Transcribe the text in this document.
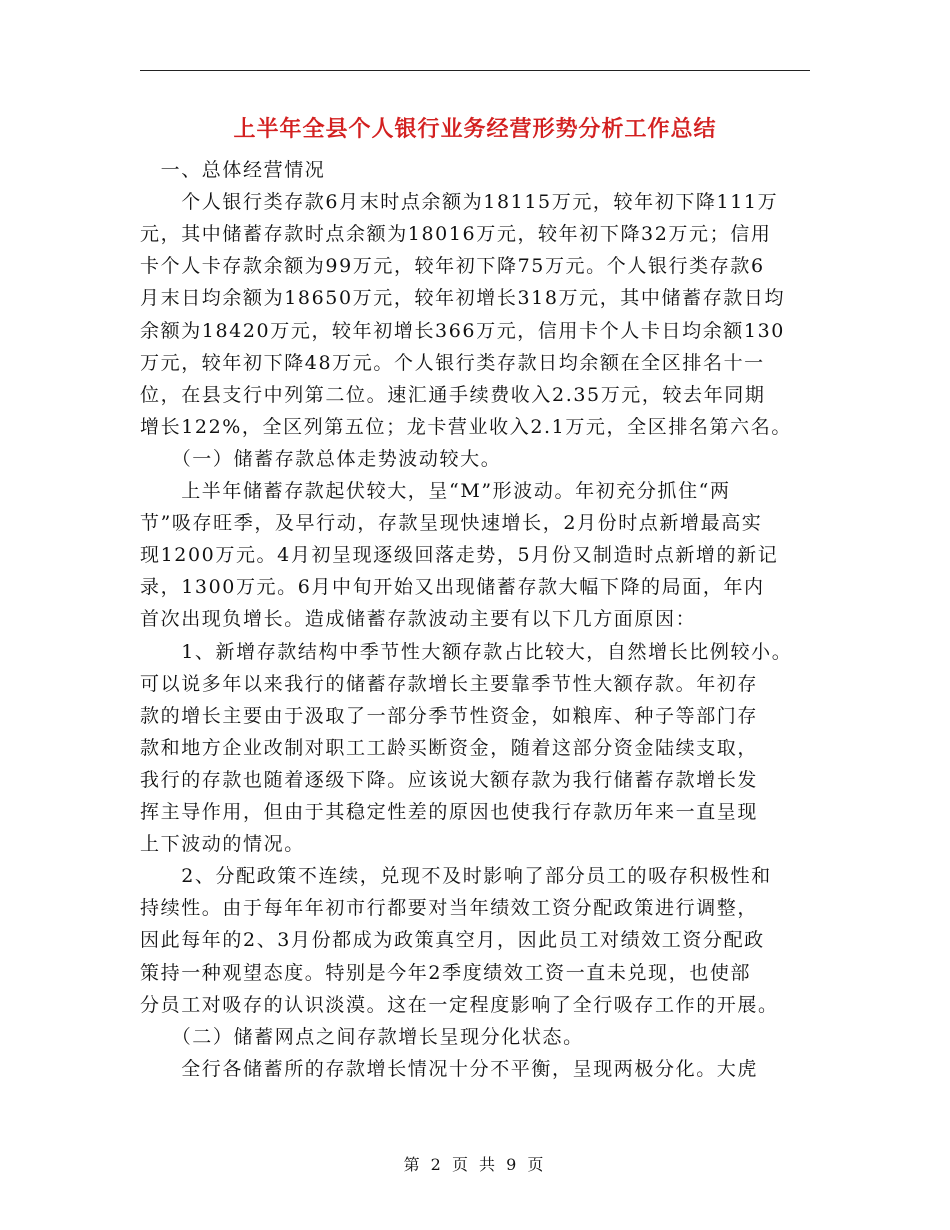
上半年全县个人银行业务经营形势分析工作总结
　一、总体经营情况
　　个人银行类存款6月末时点余额为18115万元，较年初下降111万
元，其中储蓄存款时点余额为18016万元，较年初下降32万元；信用
卡个人卡存款余额为99万元，较年初下降75万元。个人银行类存款6
月末日均余额为18650万元，较年初增长318万元，其中储蓄存款日均
余额为18420万元，较年初增长366万元，信用卡个人卡日均余额130
万元，较年初下降48万元。个人银行类存款日均余额在全区排名十一
位，在县支行中列第二位。速汇通手续费收入2.35万元，较去年同期
增长122%，全区列第五位；龙卡营业收入2.1万元，全区排名第六名。
　　（一）储蓄存款总体走势波动较大。
　　上半年储蓄存款起伏较大，呈“M”形波动。年初充分抓住“两
节”吸存旺季，及早行动，存款呈现快速增长，2月份时点新增最高实
现1200万元。4月初呈现逐级回落走势，5月份又制造时点新增的新记
录，1300万元。6月中旬开始又出现储蓄存款大幅下降的局面，年内
首次出现负增长。造成储蓄存款波动主要有以下几方面原因：
　　1、新增存款结构中季节性大额存款占比较大，自然增长比例较小。
可以说多年以来我行的储蓄存款增长主要靠季节性大额存款。年初存
款的增长主要由于汲取了一部分季节性资金，如粮库、种子等部门存
款和地方企业改制对职工工龄买断资金，随着这部分资金陆续支取，
我行的存款也随着逐级下降。应该说大额存款为我行储蓄存款增长发
挥主导作用，但由于其稳定性差的原因也使我行存款历年来一直呈现
上下波动的情况。
　　2、分配政策不连续，兑现不及时影响了部分员工的吸存积极性和
持续性。由于每年年初市行都要对当年绩效工资分配政策进行调整，
因此每年的2、3月份都成为政策真空月，因此员工对绩效工资分配政
策持一种观望态度。特别是今年2季度绩效工资一直未兑现，也使部
分员工对吸存的认识淡漠。这在一定程度影响了全行吸存工作的开展。
　　（二）储蓄网点之间存款增长呈现分化状态。
　　全行各储蓄所的存款增长情况十分不平衡，呈现两极分化。大虎
第 2 页 共 9 页
